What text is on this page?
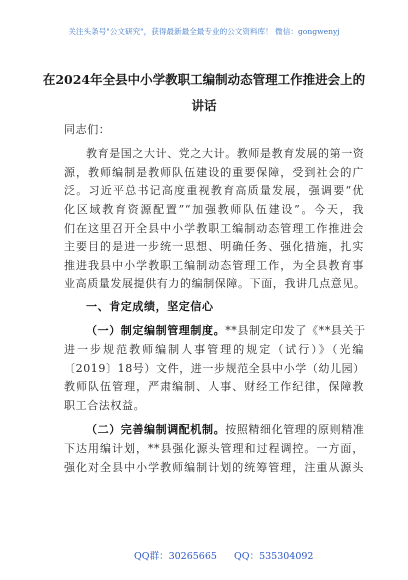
关注头条号"公文研究"，获得最新最全最专业的公文资料库！ 微信：gongwenyj
在2024年全县中小学教职工编制动态管理工作推进会上的
讲话
同志们：
教育是国之大计、党之大计。教师是教育发展的第一资
源，教师编制是教师队伍建设的重要保障，受到社会的广
泛。习近平总书记高度重视教育高质量发展，强调要“优
化区域教育资源配置”“加强教师队伍建设”。今天，我
们在这里召开全县中小学教职工编制动态管理工作推进会
主要目的是进一步统一思想、明确任务、强化措施，扎实
推进我县中小学教职工编制动态管理工作，为全县教育事
业高质量发展提供有力的编制保障。下面，我讲几点意见。
一、肯定成绩，坚定信心
（一）制定编制管理制度。**县制定印发了《**县关于
进一步规范教师编制人事管理的规定（试行）》（光编
〔2019〕18号）文件，进一步规范全县中小学（幼儿园）
教师队伍管理，严肃编制、人事、财经工作纪律，保障教
职工合法权益。
（二）完善编制调配机制。按照精细化管理的原则精准
下达用编计划，**县强化源头管理和过程调控。一方面，
强化对全县中小学教师编制计划的统筹管理，注重从源头
QQ群：30265665 QQ：535304092
